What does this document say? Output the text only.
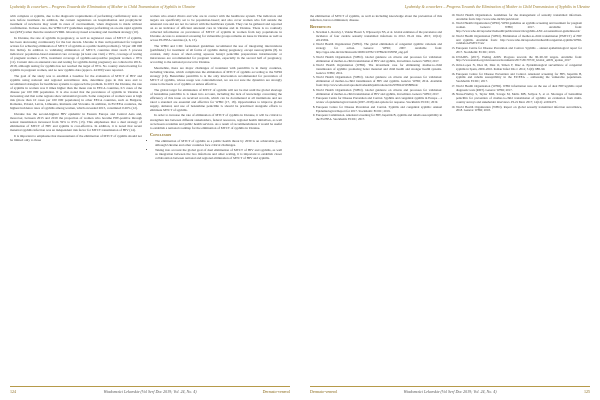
Lyubetsky & coworkers – Progress Towards the Elimination of Mother to Child Transmission of Syphilis in Ukraine

with complete or syphilis, due to the diagnostic requirements of performing confirmatory tests on sera before treatment. In addition, the current regulations on hospitalisation and prophylactic treatment of newborns may result in cases of overtreatment, when diagnosis is made without confirmation. In these cases, the WHO GTT guidelines suggest performing an on-site rapid syphilis test (RST) rather than the standard VDRL laboratory-based screening and treatment strategy (10).

In Ukraine, the rate of syphilis in pregnancy, as well as registered cases of MTCT of syphilis, has been decreasing continuously for the last decade. Ukraine is thus well-positioned for targeted actions for achieving elimination of MTCT of syphilis as a public health problem (≤ 50 per 100 000 live births). In addition to validating elimination of MTCT, countries must reach 3 process indicators: population-based antenatal care coverage (at least one visit) ≥ 95%, coverage of testing of pregnant women ≥ 95%, treatment coverage of syphilis-seropositive pregnant women ≥ 95% (11). Current data on antenatal care and testing for syphilis during pregnancy are collected in 2016–2018, although testing for syphilis has not reached the target of 95%. No country started testing for syphilis in pregnant women, and no new syphilis data (approx. 44 000) were reported.

The goal of the study was to establish a baseline for the evaluation of MTCT of HIV and syphilis using national and regional surveillance data, determine gaps in this area and to recommend strategies for healthcare systems to approach the problem. In 2015 the Ukraine, the rate of syphilis in women was 6 times higher than the mean rate in EECA countries, 0.5 cases of the disease per 100 000 population. It is also noted that the prevalence of syphilis in Ukraine is increasing and that some regions show substantial growth. Some categories of women were at high risk (more than 10 cases per 100 000 population) in other EECA countries, such as Bulgaria, Romania, Poland, Latvia, Lithuania, Romania and Slovakia. In addition, in EU/EEA countries, the highest incidence rates of syphilis among women, which exceeded 2015, constituted 0.26% (12).

Ukraine has the second-highest HIV epidemic in Eastern Europe and Central Asia and, moreover, between 2015 and 2019 the proportion of women who became HIV-positive through sexual transmission increased from 59% to 65% (13). This emphasises that a dual strategy of elimination of MTCT of HIV and syphilis is cost-effective. In addition, it is noted that recent maternal syphilis infection was an independent risk factor for MTCT transmission of HIV (14).

It is important to emphasise that measurement of the elimination of MTCT of syphilis should not be limited only to those

women who attend clinics and who are in contact with the healthcare system. The indicators and targets are specifically set to be population-based; and also cover women who fall outside the antenatal care and are not in contact with the healthcare system. They can be gathered and reported on as an indicator of efficient antenatal care in Ukraine and in Ukraine. There is no routinely collected information on prevalence of MTCT of syphilis in women from key populations in Ukraine. Access to antenatal screening for vulnerable groups remains an issue in Ukraine as well as across EU/EEA countries (4, 6, 15).

The WHO and CDC formulated guidelines recommend the use of integrating interventions (pathfinder) for treatment of all forms of syphilis during pregnancy, except neurosyphilis (8). In contrast, daily doses of short-acting aqueous benzyl penicillin preparations intramuscular or intravenous are recommended for pregnant women, especially in the second half of pregnancy, according to the national protocol in Ukraine.

Meanwhile, there are major challenges of treatment with penicillin G in many countries, including Ukraine, which complicates the elimination of MTCT of syphilis according to the WHO strategy (16). Benzathine penicillin G is the only intervention recommended for prevention of MTCT of syphilis, whose usage was contraindicated, we are not sure the dynamics are strongly cause to the heels or of syphilis or unless effective.

The global target for elimination of MTCT of syphilis will not be met until the global shortage of benzathine penicillin G is taken into account, including the lack of knowledge concerning the efficiency of this issue on received records, which can be documented at all institutions and are rated a standard are essential and effective for WHO (17, 18). Opportunities to improve global supply, demand, and use of benzathine penicillin G should be prioritised alongside efforts to eliminate MTCT of syphilis.

In order to increase the rate of elimination of MTCT of syphilis in Ukraine, it will be critical to strengthen ties between different stakeholders, federal resources, regional health initiatives, as well as between academia and public health services. As a result of recommendations it would be useful to establish a national roadmap for the elimination of MTCT of syphilis in Ukraine.

Conclusion
• The elimination of MTCT of syphilis as a public health threat by 2030 is an achievable goal, although Ukraine and other countries face critical challenges.
• Taking into account the global goal of dual elimination of MTCT of HIV and syphilis, as well as integration between the two infections and other scaling, it is important to establish closer collaboration between national and regional elimination of MTCT of HIV and syphilis.
124	Wiadomości Lekarskie (Vol Serf Doc 2019; Vol. 24, No. 4)	Dermato-venerol
Lyubetsky & coworkers – Progress Towards the Elimination of Mother to Child Transmission of Syphilis in Ukraine

the elimination of MTCT of syphilis, as well as including knowledge about the prevention of this infection, but not eliminated, disease.

References
1. Newman L, Rowley J, Vander Hoorn S, Wijesooriya NS, et al. Global estimates of the prevalence and incidence of four curable sexually transmitted infections in 2012. PLoS One. 2015; 10(12): e0143304.
2. World Health Organization (WHO). The global elimination of congenital syphilis: rationale and strategy for action. Geneva: WHO; 2007. Available from: http://apps.who.int/iris/bitstream/10665/43782/1/9789241595858_eng.pdf
3. World Health Organization (WHO). Global guidance on criteria and processes for validation: elimination of mother-to-child transmission of HIV and syphilis, 2nd edition. Geneva: WHO; 2017.
4. World Health Organization (WHO). The investment case for eliminating mother-to-child transmission of syphilis: promoting better maternal and child health and stronger health systems. Geneva: WHO; 2012.
5. World Health Organization (WHO). Global guidance on criteria and processes for validation: elimination of mother-to-child transmission of HIV and syphilis. Geneva: WHO; 2014. Available from: http://www.who.int/reproductivehealth/publications/rtis/9789241505888/en/
6. World Health Organization (WHO). Global guidance on criteria and processes for validation: elimination of mother-to-child transmission of HIV and syphilis, 2nd edition. Geneva: WHO; 2017.
7. European Centre for Disease Prevention and Control. Syphilis and congenital syphilis in Europe – a review of epidemiological trends (2007–2018) and options for response. Stockholm: ECDC; 2019.
8. European Centre for Disease Prevention and Control. Syphilis and congenital syphilis: Annual Epidemiological Report for 2017. Stockholm: ECDC; 2019.
9. European Commission. Antenatal screening for HIV, hepatitis B, syphilis and rubella susceptibility in the EU/EEA. Stockholm: ECDC; 2017.
10. World Health Organization. Guidelines for the management of sexually transmitted infections. Available from: http://www.who.int/hiv/pub/sti/en/
11. World Health Organization (WHO). WHO guideline on syphilis screening and treatment for pregnant women. Geneva: WHO; 2017. Available from: http://www.who.int/reproductivehealth/publications/rtis/syphilis-ANC-screenandtreat-guidelines/en/
12. World Health Organization (WHO). Elimination of mother-to-child transmission (EMTCT) of HIV and syphilis. Available from: http://www.who.int/reproductivehealth/congenital-syphilis/WHO-validation-EMTCT/en/
13. European Centre for Disease Prevention and Control. Syphilis – annual epidemiological report for 2017. Stockholm: ECDC; 2019.
14. UNAIDS. (2017). Ending AIDS: Progress towards the 90–90–90 targets. Available from: http://www.unaids.org/en/resources/documents/2017/20170720_Global_AIDS_update_2017
15. Ortiz-Lopez N, Diez M, Diaz O, Simon F, Diaz A. Epidemiological surveillance of congenital syphilis in Spain, 2000–2010. Pediatr Infect Dis J. 2012; 31(9): 988–90.
16. European Centre for Disease Prevention and Control. Antenatal screening for HIV, hepatitis B, syphilis and rubella susceptibility in the EU/EEA – addressing the vulnerable populations. Stockholm: ECDC; 2017.
17. World Health Organization (WHO). WHO information note on the use of dual HIV/syphilis rapid diagnostic tests (RDT). Geneva: WHO; 2017.
18. Nurse-Findlay S, Taylor MM, Savage M, Mello MB, Saliyou S, et al. Shortages of benzathine penicillin for prevention of mother-to-child transmission of syphilis: an evaluation from multi-country surveys and stakeholder interviews. PLoS Med. 2017; 14(12): e1002473.
19. World Health Organization (WHO). Report on global sexually transmitted infection surveillance, 2018. Geneva: WHO; 2018.
Dermato-venerol	Wiadomości Lekarskie (Vol Serf Doc 2019; Vol. 24, No. 4)	125
